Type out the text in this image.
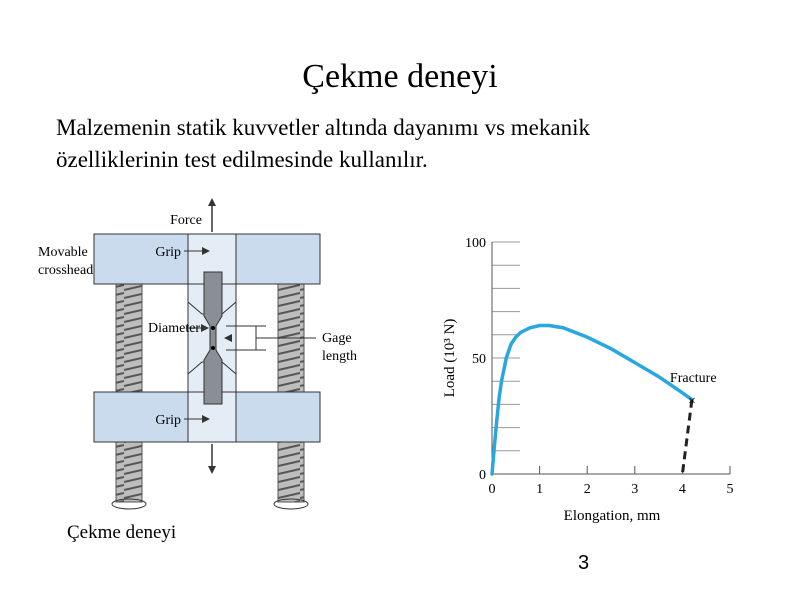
Çekme deneyi
Malzemenin statik kuvvetler altında dayanımı vs mekanik
özelliklerinin test edilmesinde kullanılır.
Force
Grip
Grip
Movable
crosshead
Diameter
Gage
length
0	1	2	3	4	5
0
50
100
×
Fracture
Elongation, mm
Load (10³ N)
Çekme deneyi
3
